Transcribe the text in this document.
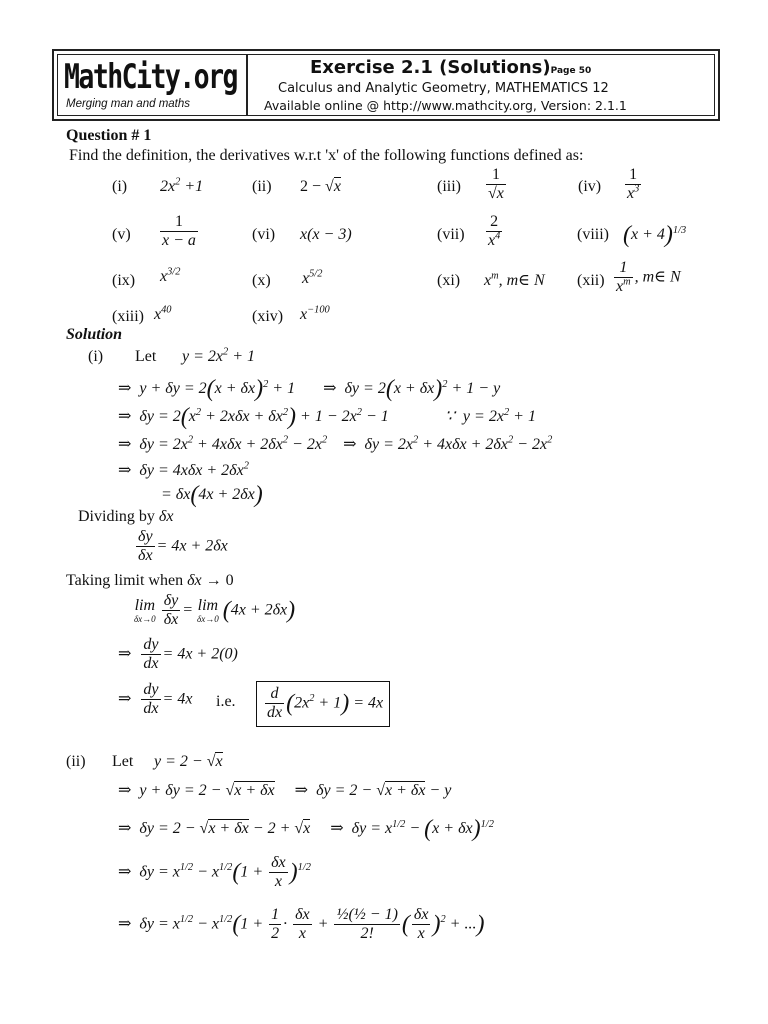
MathCity.org
Merging man and maths
Exercise 2.1 (Solutions)Page 50
Calculus and Analytic Geometry, MATHEMATICS 12
Available online @ http://www.mathcity.org, Version: 2.1.1
Question # 1
Find the definition, the derivatives w.r.t 'x' of the following functions defined as:
(i) $2x^2 +1$	(ii) 2 − √x	$(iii) \frac{1}{√x}$	$(iv) \frac{1}{x^3}$
$(v) \frac{1}{x - a}$	(vi) x(x − 3)	$(vii) \frac{2}{x^4}$	(viii) $(x + 4)^{1/3}$
(ix) $x^{3/2}$	(x) $x^{5/2}$	(xi) $x^m$, m∈ N $(xii) \frac{1}{x^m}$ , m∈ N
(xiii) $x^{40}$	(xiv) $x^{-100}$
Solution
(i) Let $y = 2x^2 + 1$
⇒  $y + \delta y = 2(x + \delta x)^2 + 1$       ⇒  $\delta y = 2(x + \delta x)^2 + 1 - y$
⇒  $\delta y = 2(x^2 + 2x\delta x + \delta x^2) + 1 - 2x^2 - 1$              ∵  $y = 2x^2 + 1$
⇒  $\delta y = 2x^2 + 4x\delta x + 2\delta x^2 - 2x^2$    ⇒  $\delta y = 2x^2 + 4x\delta x + 2\delta x^2 - 2x^2$
⇒  $\delta y = 4x\delta x + 2\delta x^2$
= δx(4x + 2δx)
Dividing by δx
$\frac{\delta y}{\delta x} = 4x + 2\delta x$
Taking limit when δx → 0
lim
δx→0
$\frac{\delta y}{\delta x} = \lim$
δx→0 (4x + 2δx)
⇒ $\frac{dy}{dx} = 4x + 2(0)$
⇒ $\frac{dy}{dx} = 4x$ i.e. $\frac{d}{dx} (2x^2 + 1) = 4x$
(ii) Let y = 2 − √x
⇒  y + δy = 2 − √x + δx     ⇒  δy = 2 − √x + δx − y
⇒  δy = 2 − √x + δx − 2 + √x     ⇒  $\delta y = x^{1/2} - (x + \delta x)^{1/2}$
⇒  $\delta y = x^{1/2} - x^{1/2}(1 + \frac{\delta x}{x} )^{1/2}$
⇒  $\delta y = x^{1/2} - x^{1/2}(1 + \frac{1}{2} \cdot \frac{\delta x}{x} + \frac{\text{½(½ − 1)}}{2!}$ ( $\frac{\delta x}{x} )^2$ + ...)
